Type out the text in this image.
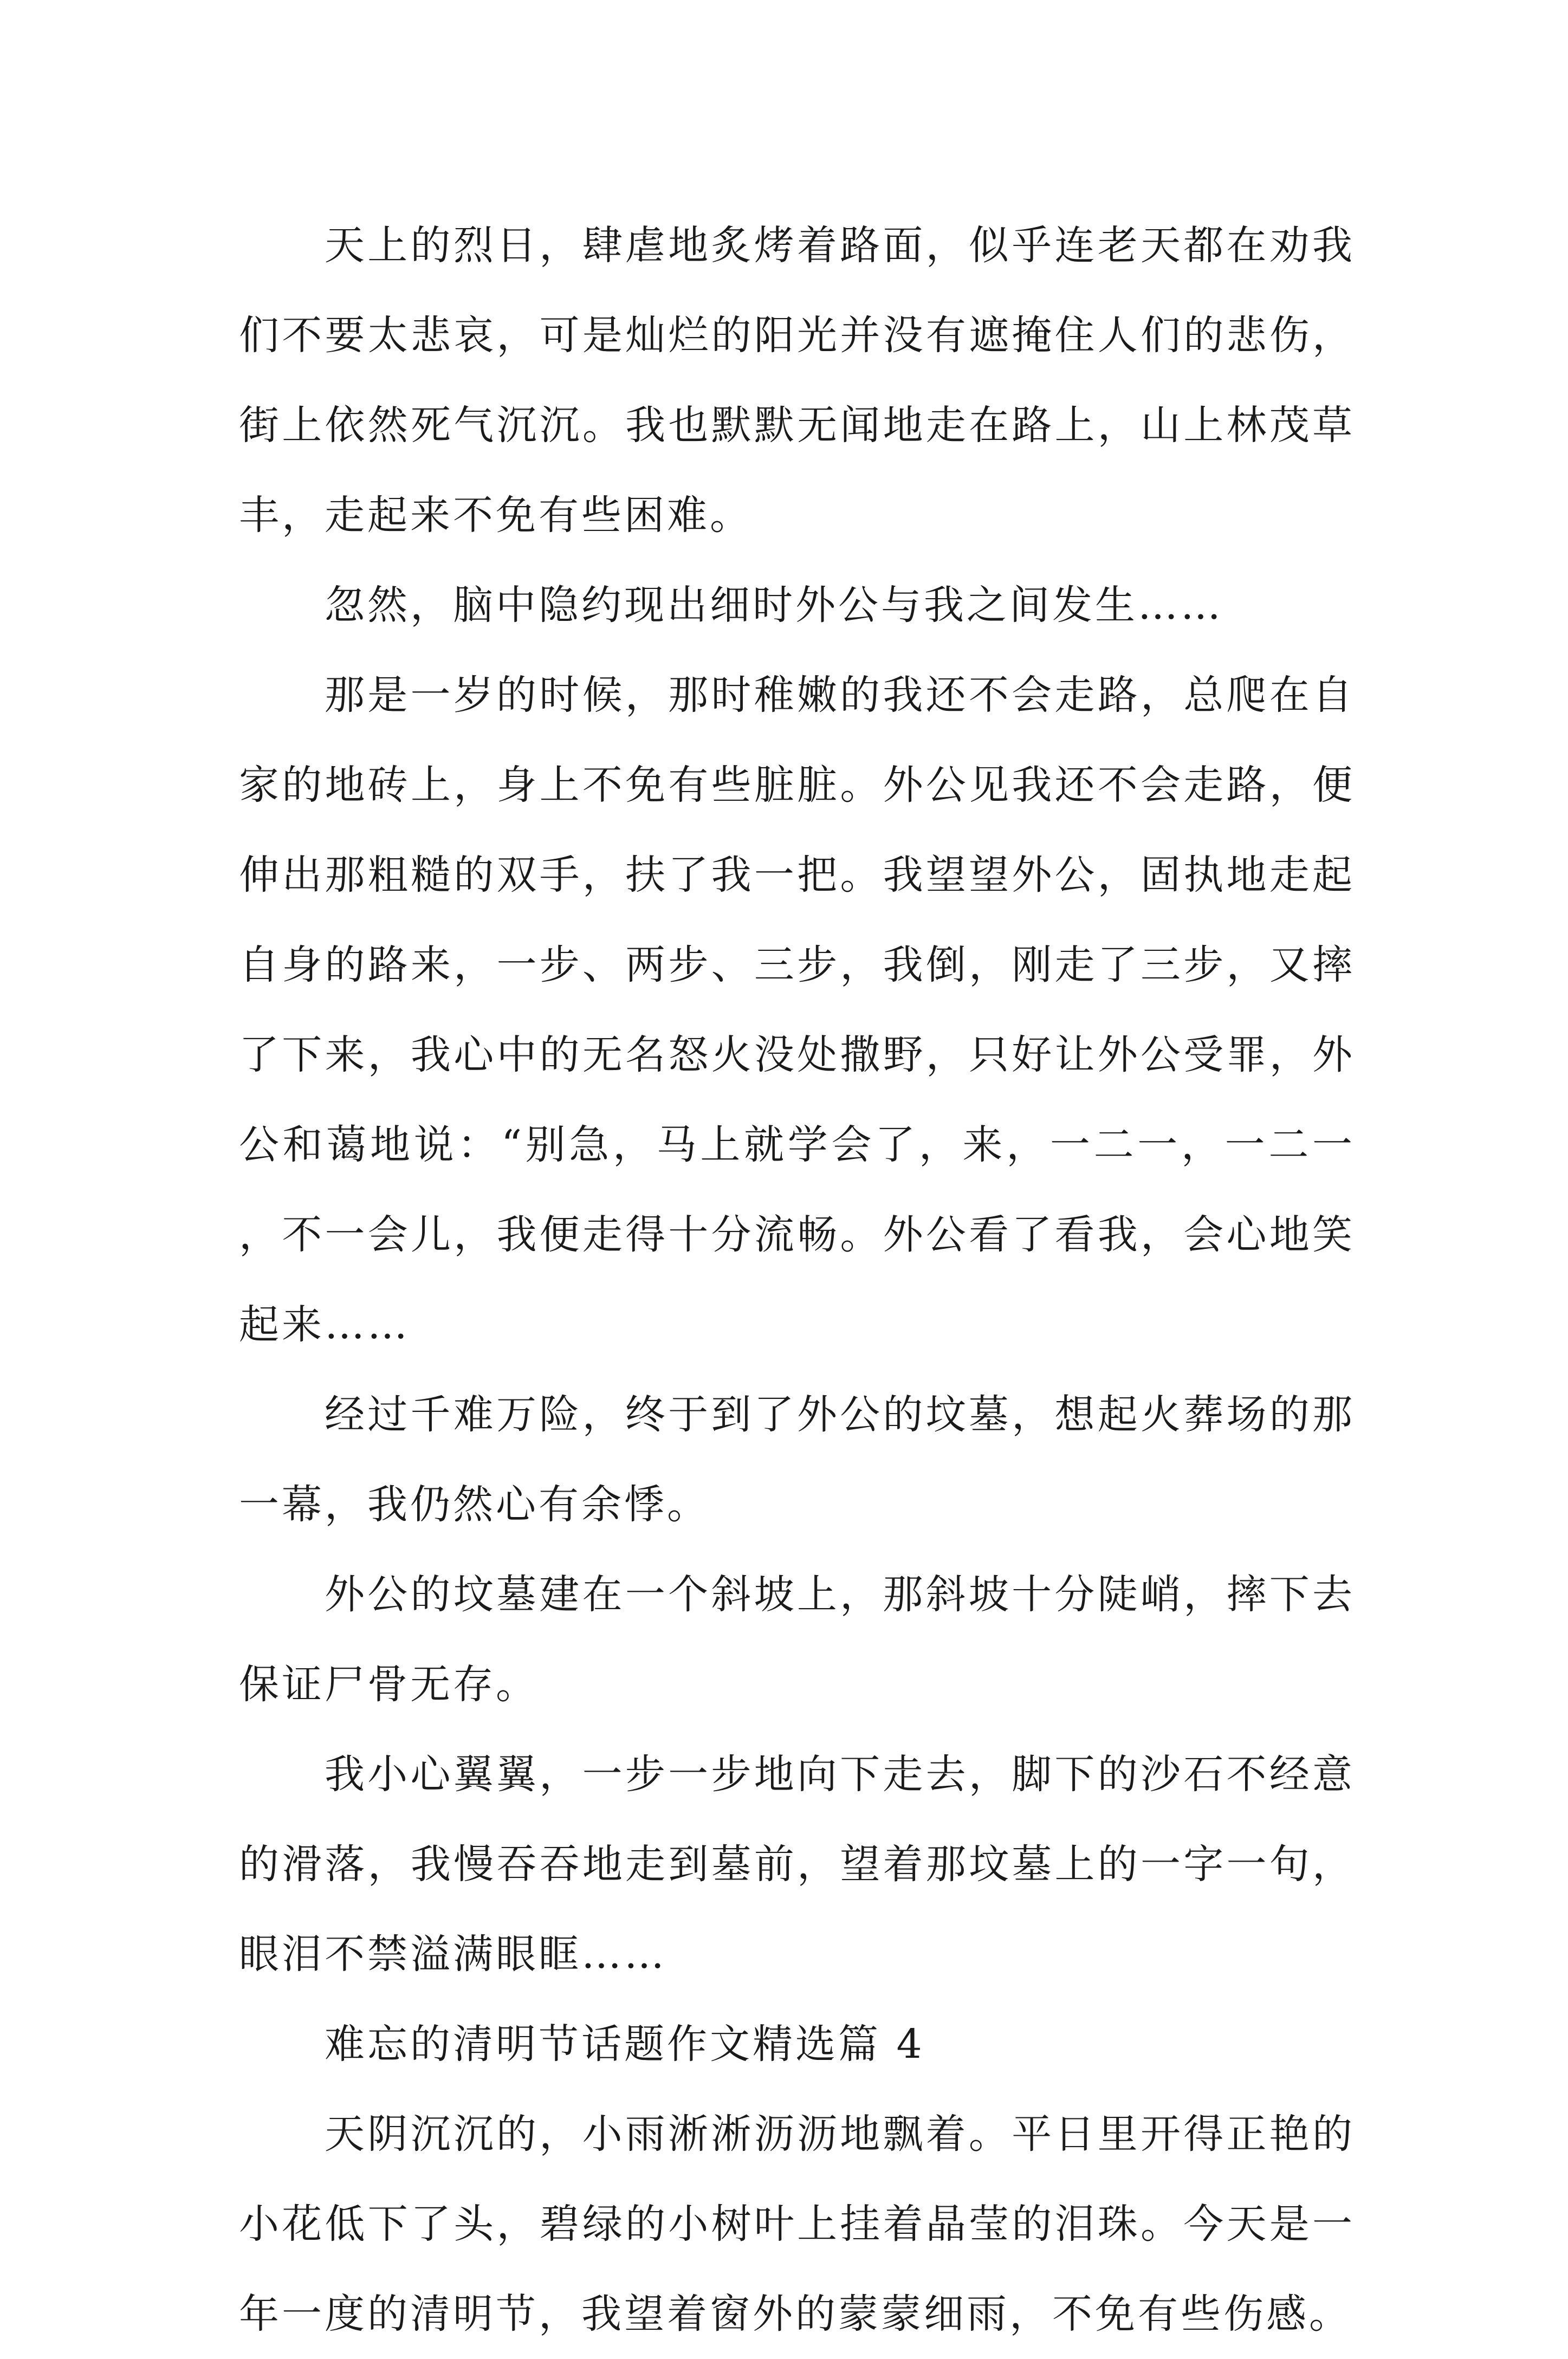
天上的烈日，肆虐地炙烤着路面，似乎连老天都在劝我们不要太悲哀，可是灿烂的阳光并没有遮掩住人们的悲伤，街上依然死气沉沉。我也默默无闻地走在路上，山上林茂草丰，走起来不免有些困难。

忽然，脑中隐约现出细时外公与我之间发生……

那是一岁的时候，那时稚嫩的我还不会走路，总爬在自家的地砖上，身上不免有些脏脏。外公见我还不会走路，便伸出那粗糙的双手，扶了我一把。我望望外公，固执地走起自身的路来，一步、两步、三步，我倒，刚走了三步，又摔了下来，我心中的无名怒火没处撒野，只好让外公受罪，外公和蔼地说：“别急，马上就学会了，来，一二一，一二一，不一会儿，我便走得十分流畅。外公看了看我，会心地笑起来……

经过千难万险，终于到了外公的坟墓，想起火葬场的那一幕，我仍然心有余悸。

外公的坟墓建在一个斜坡上，那斜坡十分陡峭，摔下去保证尸骨无存。

我小心翼翼，一步一步地向下走去，脚下的沙石不经意的滑落，我慢吞吞地走到墓前，望着那坟墓上的一字一句，眼泪不禁溢满眼眶……

难忘的清明节话题作文精选篇 4

天阴沉沉的，小雨淅淅沥沥地飘着。平日里开得正艳的小花低下了头，碧绿的小树叶上挂着晶莹的泪珠。今天是一年一度的清明节，我望着窗外的蒙蒙细雨，不免有些伤感。
